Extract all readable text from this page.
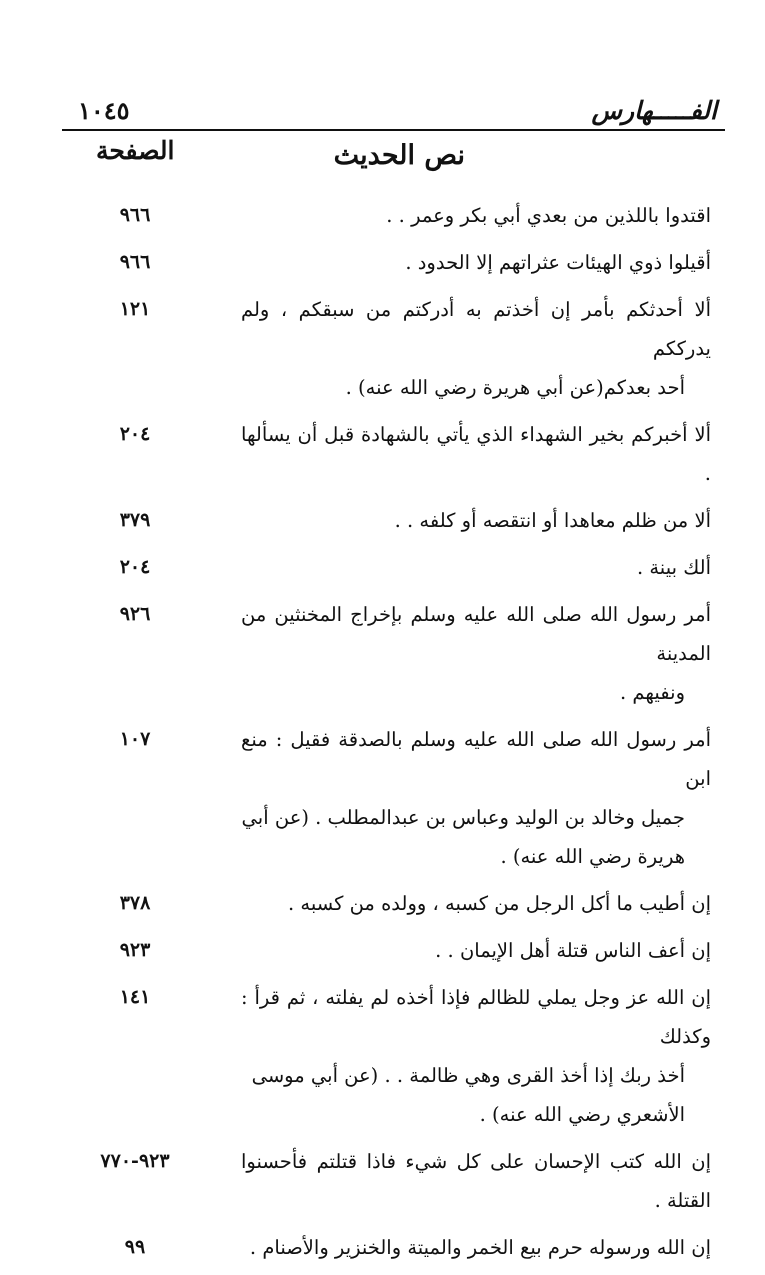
الفـــــهارس
١٠٤٥
نص الحديث
الصفحة
اقتدوا باللذين من بعدي أبي بكر وعمر . .
٩٦٦
أقيلوا ذوي الهيئات عثراتهم إلا الحدود .
٩٦٦
ألا أحدثكم بأمر إن أخذتم به أدركتم من سبقكم ، ولم يدرككم

أحد بعدكم(عن أبي هريرة رضي الله عنه) .
١٢١
ألا أخبركم بخير الشهداء الذي يأتي بالشهادة قبل أن يسألها .
٢٠٤
ألا من ظلم معاهدا أو انتقصه أو كلفه . .
٣٧٩
ألك بينة .
٢٠٤
أمر رسول الله صلى الله عليه وسلم بإخراج المخنثين من المدينة

ونفيهم .
٩٢٦
أمر رسول الله صلى الله عليه وسلم بالصدقة فقيل : منع ابن

جميل وخالد بن الوليد وعباس بن عبدالمطلب . (عن أبي
هريرة رضي الله عنه) .
١٠٧
إن أطيب ما أكل الرجل من كسبه ، وولده من كسبه .
٣٧٨
إن أعف الناس قتلة أهل الإيمان . .
٩٢٣
إن الله عز وجل يملي للظالم فإذا أخذه لم يفلته ، ثم قرأ : وكذلك

أخذ ربك إذا أخذ القرى وهي ظالمة . . (عن أبي موسى
الأشعري رضي الله عنه) .
١٤١
إن الله كتب الإحسان على كل شيء فاذا قتلتم فأحسنوا القتلة .
٩٢٣-٧٧٠
إن الله ورسوله حرم بيع الخمر والميتة والخنزير والأصنام .
٩٩
